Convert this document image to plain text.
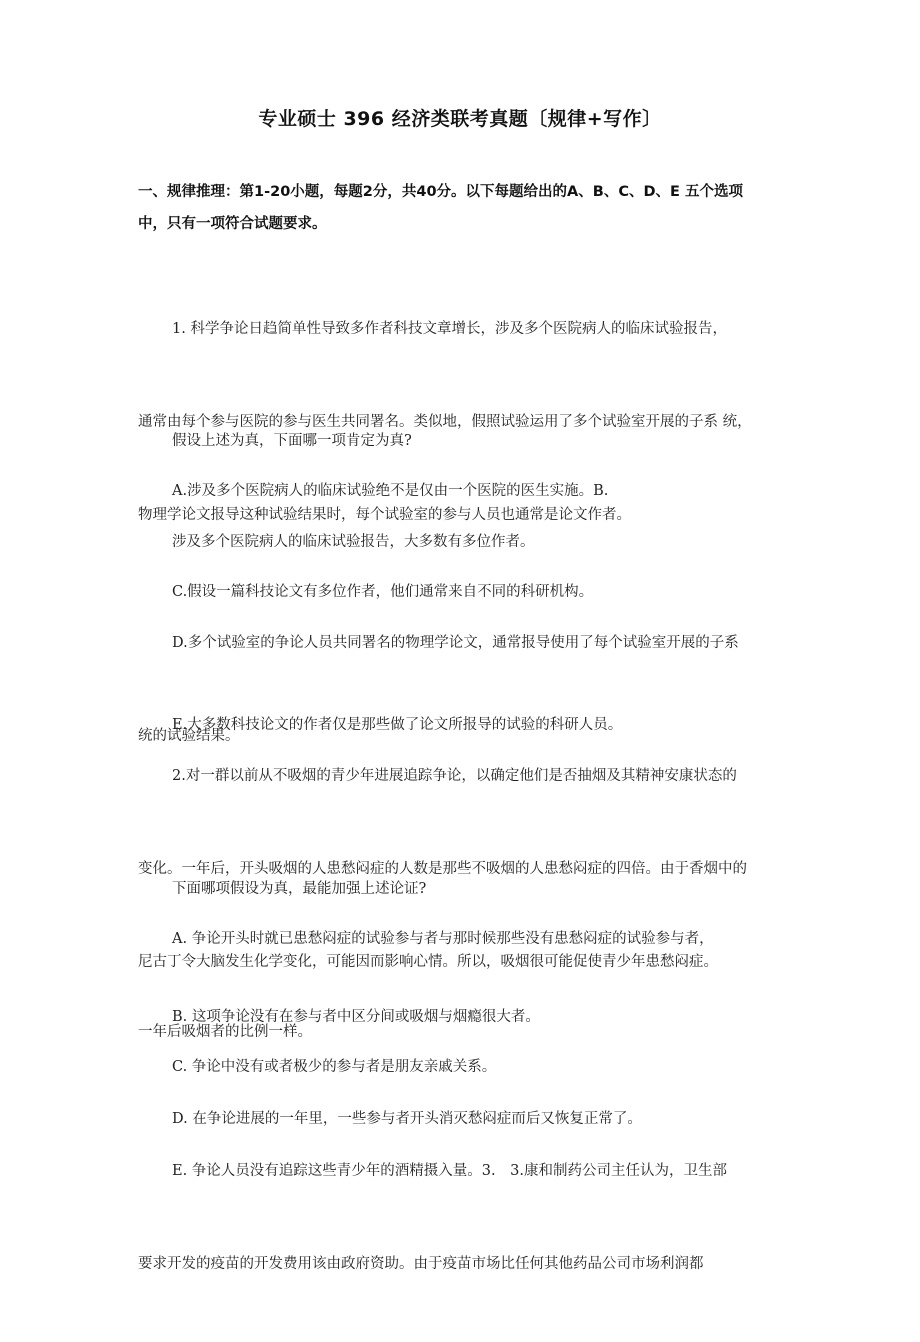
专业硕士 396 经济类联考真题〔规律+写作〕
一、规律推理：第1-20小题，每题2分，共40分。以下每题给出的A、B、C、D、E 五个选项
中，只有一项符合试题要求。

1. 科学争论日趋简单性导致多作者科技文章增长，涉及多个医院病人的临床试验报告，

通常由每个参与医院的参与医生共同署名。类似地，假照试验运用了多个试验室开展的子系 统，

物理学论文报导这种试验结果时，每个试验室的参与人员也通常是论文作者。

假设上述为真，下面哪一项肯定为真?

A.涉及多个医院病人的临床试验绝不是仅由一个医院的医生实施。B.

涉及多个医院病人的临床试验报告，大多数有多位作者。

C.假设一篇科技论文有多位作者，他们通常来自不同的科研机构。

D.多个试验室的争论人员共同署名的物理学论文，通常报导使用了每个试验室开展的子系

统的试验结果。

E.大多数科技论文的作者仅是那些做了论文所报导的试验的科研人员。

2.对一群以前从不吸烟的青少年进展追踪争论，以确定他们是否抽烟及其精神安康状态的

变化。一年后，开头吸烟的人患愁闷症的人数是那些不吸烟的人患愁闷症的四倍。由于香烟中的

尼古丁令大脑发生化学变化，可能因而影响心情。所以，吸烟很可能促使青少年患愁闷症。

下面哪项假设为真，最能加强上述论证?

A. 争论开头时就已患愁闷症的试验参与者与那时候那些没有患愁闷症的试验参与者，

一年后吸烟者的比例一样。

B. 这项争论没有在参与者中区分间或吸烟与烟瘾很大者。

C. 争论中没有或者极少的参与者是朋友亲戚关系。

D. 在争论进展的一年里，一些参与者开头消灭愁闷症而后又恢复正常了。

E. 争论人员没有追踪这些青少年的酒精摄入量。3.　3.康和制药公司主任认为，卫生部

要求开发的疫苗的开发费用该由政府资助。由于疫苗市场比任何其他药品公司市场利润都
